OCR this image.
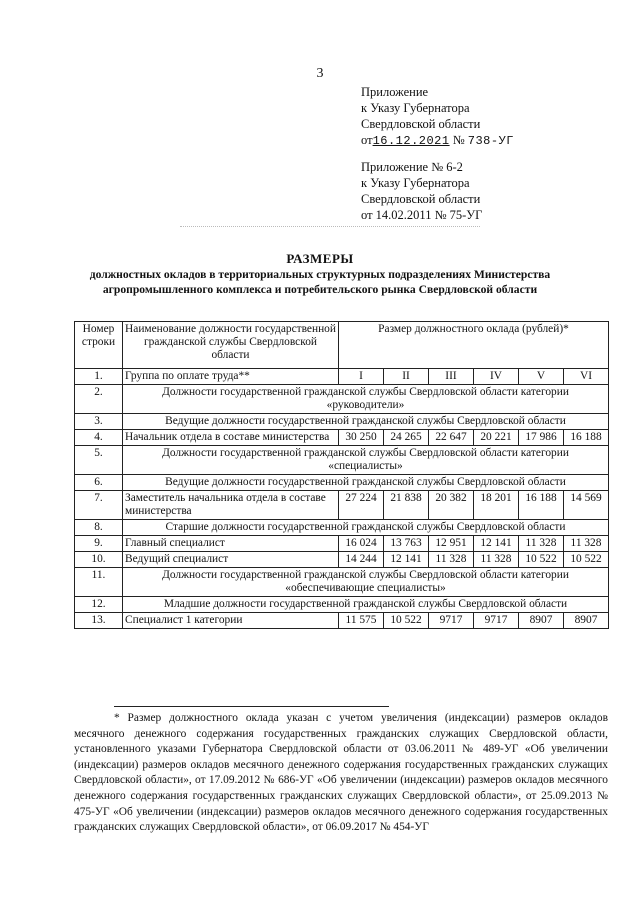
3
Приложение
к Указу Губернатора
Свердловской области
от16.12.2021 № 738-УГ
Приложение № 6-2
к Указу Губернатора
Свердловской области
от 14.02.2011 № 75-УГ
РАЗМЕРЫ
должностных окладов в территориальных структурных подразделениях Министерства
агропромышленного комплекса и потребительского рынка Свердловской области
Номер строки	Наименование должности государственной гражданской службы Свердловской области	Размер должностного оклада (рублей)*					
1.	Группа по оплате труда**	I	II	III	IV	V	VI
2.	Должности государственной гражданской службы Свердловской области категории «руководители»						
3.	Ведущие должности государственной гражданской службы Свердловской области						
4.	Начальник отдела в составе министерства	30 250	24 265	22 647	20 221	17 986	16 188
5.	Должности государственной гражданской службы Свердловской области категории «специалисты»						
6.	Ведущие должности государственной гражданской службы Свердловской области						
7.	Заместитель начальника отдела в составе министерства	27 224	21 838	20 382	18 201	16 188	14 569
8.	Старшие должности государственной гражданской службы Свердловской области						
9.	Главный специалист	16 024	13 763	12 951	12 141	11 328	11 328
10.	Ведущий специалист	14 244	12 141	11 328	11 328	10 522	10 522
11.	Должности государственной гражданской службы Свердловской области категории «обеспечивающие специалисты»						
12.	Младшие должности государственной гражданской службы Свердловской области						
13.	Специалист 1 категории	11 575	10 522	9717	9717	8907	8907
* Размер должностного оклада указан с учетом увеличения (индексации) размеров окладов месячного денежного содержания государственных гражданских служащих Свердловской области, установленного указами Губернатора Свердловской области от 03.06.2011 № 489-УГ «Об увеличении (индексации) размеров окладов месячного денежного содержания государственных гражданских служащих Свердловской области», от 17.09.2012 № 686-УГ «Об увеличении (индексации) размеров окладов месячного денежного содержания государственных гражданских служащих Свердловской области», от 25.09.2013 № 475-УГ «Об увеличении (индексации) размеров окладов месячного денежного содержания государственных гражданских служащих Свердловской области», от 06.09.2017 № 454-УГ
